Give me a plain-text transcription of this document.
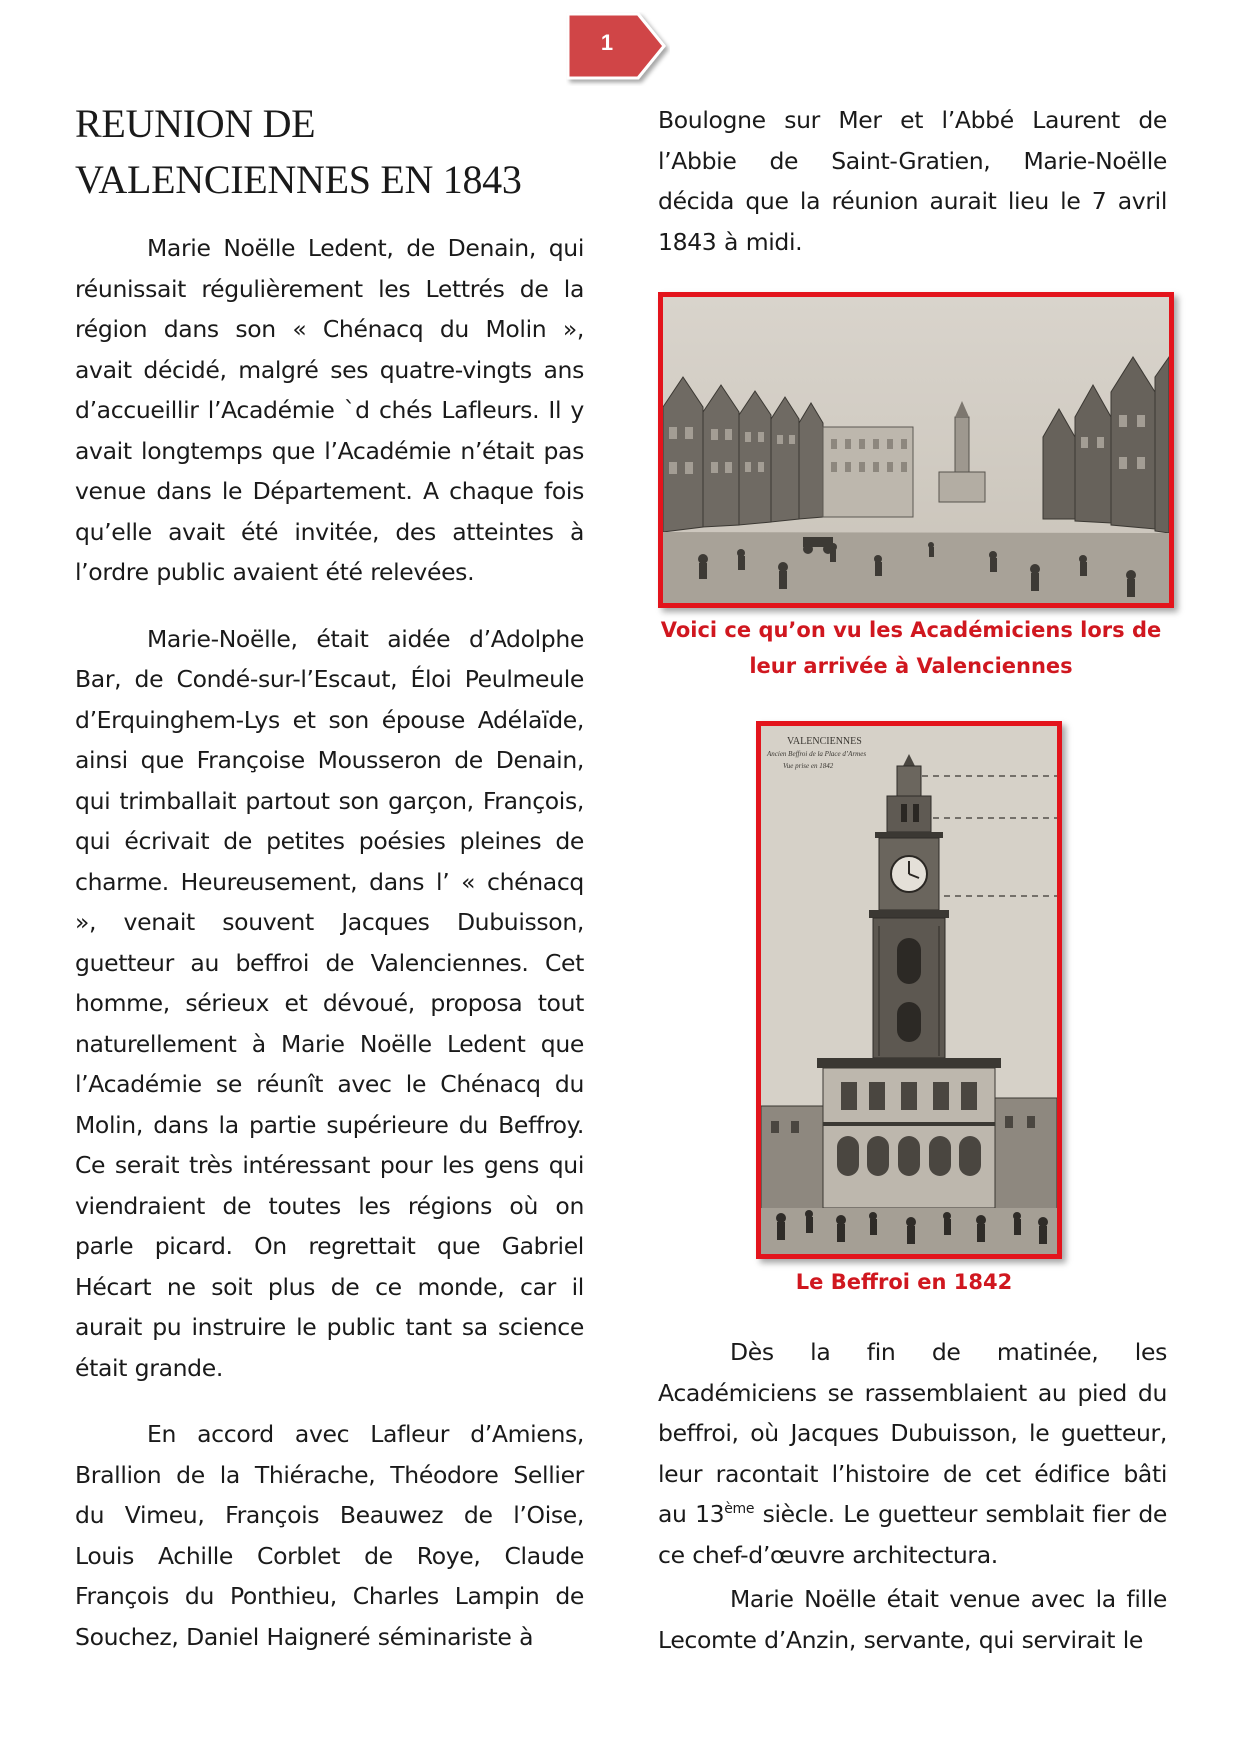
1
REUNION DE
VALENCIENNES EN 1843

Marie Noëlle Ledent, de Denain, qui réunissait régulièrement les Lettrés de la région dans son « Chénacq du Molin », avait décidé, malgré ses quatre-vingts ans d’accueillir l’Académie `d chés Lafleurs. Il y avait longtemps que l’Académie n’était pas venue dans le Département. A chaque fois qu’elle avait été invitée, des atteintes à l’ordre public avaient été relevées.

Marie-Noëlle, était aidée d’Adolphe Bar, de Condé-sur-l’Escaut, Éloi Peulmeule d’Erquinghem-Lys et son épouse Adélaïde, ainsi que Françoise Mousseron de Denain, qui trimballait partout son garçon, François, qui écrivait de petites poésies pleines de charme. Heureusement, dans l’ « chénacq », venait souvent Jacques Dubuisson, guetteur au beffroi de Valenciennes. Cet homme, sérieux et dévoué, proposa tout naturellement à Marie Noëlle Ledent que l’Académie se réunît avec le Chénacq du Molin, dans la partie supérieure du Beffroy. Ce serait très intéressant pour les gens qui viendraient de toutes les régions où on parle picard. On regrettait que Gabriel Hécart ne soit plus de ce monde, car il aurait pu instruire le public tant sa science était grande.

En accord avec Lafleur d’Amiens, Brallion de la Thiérache, Théodore Sellier du Vimeu, François Beauwez de l’Oise, Louis Achille Corblet de Roye, Claude François du Ponthieu, Charles Lampin de Souchez, Daniel Haigneré séminariste à

Boulogne sur Mer et l’Abbé Laurent de l’Abbie de Saint-Gratien, Marie-Noëlle décida que la réunion aurait lieu le 7 avril 1843 à midi.

Voici ce qu’on vu les Académiciens lors de leur arrivée à Valenciennes
VALENCIENNES
Ancien Beffroi de la Place d’Armes
Vue prise en 1842
Le Beffroi en 1842

Dès la fin de matinée, les Académiciens se rassemblaient au pied du beffroi, où Jacques Dubuisson, le guetteur, leur racontait l’histoire de cet édifice bâti au 13ème siècle. Le guetteur semblait fier de ce chef-d’œuvre architectura.

Marie Noëlle était venue avec la fille Lecomte d’Anzin, servante, qui servirait le
